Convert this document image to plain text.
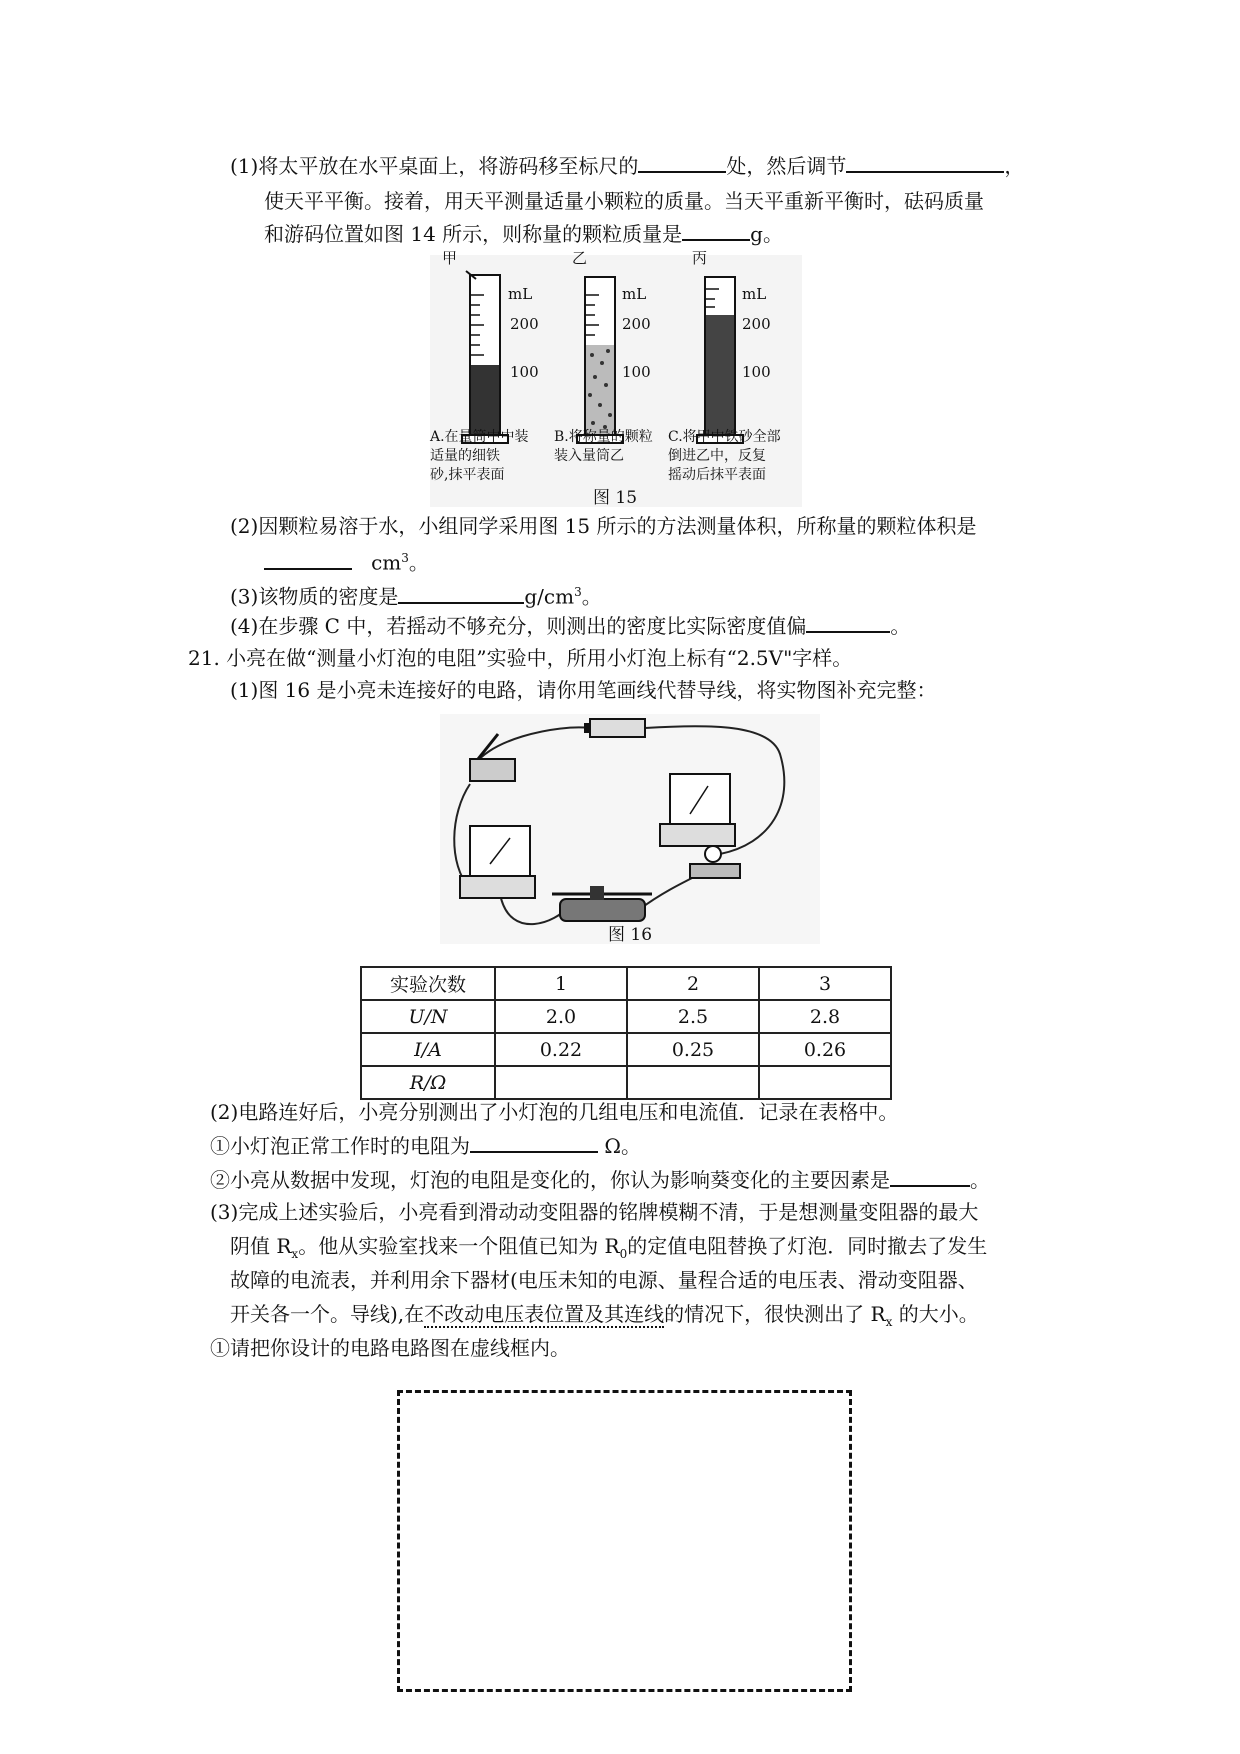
(1)将太平放在水平桌面上，将游码移至标尺的	处，然后调节	，
使天平平衡。接着，用天平测量适量小颗粒的质量。当天平重新平衡时，砝码质量
和游码位置如图 14 所示，则称量的颗粒质量是	g。
甲	乙	丙
mL	mL	mL
200
100
200
100
200
100
A.在量筒中中装
适量的细铁
砂,抹平表面
B.将称量的颗粒
装入量筒乙
C.将甲中铁砂全部
倒进乙中，反复
摇动后抹平表面
图 15
(2)因颗粒易溶于水，小组同学采用图 15 所示的方法测量体积，所称量的颗粒体积是
$cm^3$。
(3)该物质的密度是	$g/cm^3$。
(4)在步骤 C 中，若摇动不够充分，则测出的密度比实际密度值偏	。
21. 小亮在做“测量小灯泡的电阻”实验中，所用小灯泡上标有“2.5V"字样。
(1)图 16 是小亮未连接好的电路，请你用笔画线代替导线，将实物图补充完整：
图 16
实验次数	1	2	3
U/N	2.0	2.5	2.8
I/A	0.22	0.25	0.26
R/Ω			
(2)电路连好后，小亮分别测出了小灯泡的几组电压和电流值．记录在表格中。
①小灯泡正常工作时的电阻为	Ω。
②小亮从数据中发现，灯泡的电阻是变化的，你认为影响葵变化的主要因素是	。
(3)完成上述实验后，小亮看到滑动动变阻器的铭牌模糊不清，于是想测量变阻器的最大
阴值 $R_x$。他从实验室找来一个阻值已知为 $R_0$的定值电阻替换了灯泡．同时撤去了发生
故障的电流表，并利用余下器材(电压未知的电源、量程合适的电压表、滑动变阻器、
开关各一个。导线),在不改动电压表位置及其连线的情况下，很快测出了 $R_x$ 的大小。
①请把你设计的电路电路图在虚线框内。
